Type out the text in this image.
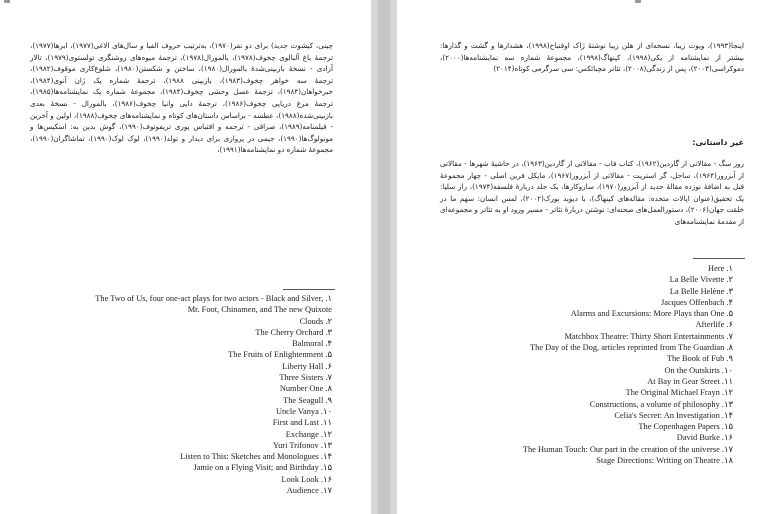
چینی، کیشوت جدید) برای دو نفر(۱۹۷۰)، به‌ترتیب حروف الفبا و سال‌های الاغی(۱۹۷۷)، ابرها(۱۹۷۷)، ترجمهٔ باغ آلبالوی چخوف(۱۹۷۸)، بالمورال(۱۹۷۸)، ترجمهٔ میوه‌های روشنگری تولستوی(۱۹۷۹)، تالار آزادی - نسخهٔ بازبینی‌شدهٔ بالمورال(۱۹۸۰)، ساختن و شکستن(۱۹۸۰)، شلوغ‌کاری موقوف(۱۹۸۲)، ترجمهٔ سه خواهر چخوف(۱۹۸۳)، بازبینی ۱۹۸۸)، ترجمهٔ شماره یک ژان آنوی(۱۹۸۴)، خبرخواهان(۱۹۸۴)، ترجمهٔ عسل وحشی چخوف(۱۹۸۴)، مجموعهٔ شماره یک نمایشنامه‌ها(۱۹۸۵)، ترجمهٔ مرغ دریایی چخوف(۱۹۸۶)، ترجمهٔ دایی وانیا چخوف(۱۹۸۶)، بالمورال - نسخهٔ بعدی بازبینی‌شده(۱۹۸۸)، عطسه - براساس داستان‌های کوتاه و نمایشنامه‌های چخوف(۱۹۸۸)، اولین و آخرین - فیلمنامه(۱۹۸۹)، صراقی - ترجمه و اقتباس یوری تریفونوف(۱۹۹۰)، گوش بدین به: اسکیس‌ها و مونولوگ‌ها(۱۹۹۰)، جیمی در پروازی برای دیدار و تولد(۱۹۹۰)، لوک لوک(۱۹۹۰)، تماشاگران(۱۹۹۰)، مجموعهٔ شماره دو نمایشنامه‌ها(۱۹۹۱)،

The Two of Us, four one-act plays for two actors - Black and Silver, .۱
Mr. Foot, Chinamen, and The new Quixote
Clouds .۲
The Cherry Orchard .۳
Balmoral .۴
The Fruits of Enlightenment .۵
Liberty Hall .۶
Three Sisters .۷
Number One .۸
The Seagull .۹
Uncle Vanya .۱۰
First and Last .۱۱
Exchange .۱۲
Yuri Trifonov .۱۳
Listen to This: Sketches and Monologues .۱۴
Jamie on a Flying Visit; and Birthday .۱۵
Look Look .۱۶
Audience .۱۷

اینجا(۱۹۹۳)، ویوت زیبا، نسخه‌ای از هلن زیبا نوشتهٔ ژاک اوفنباخ(۱۹۹۸)، هشدارها و گشت و گذارها: بیشتر از نمایشنامه از یکی(۱۹۹۸)، کپنهاگ(۱۹۹۸)، مجموعهٔ شماره سه نمایشنامه‌ها(۲۰۰۰)، دموکراسی(۲۰۰۳)، پس از زندگی(۲۰۰۸)، تئاتر مچبائکس: سی سرگرمی کوتاه(۲۰۱۴)

غیر داستانی:

روز سگ - مقالاتی از گاردین(۱۹۶۲)، کتاب فاب - مقالاتی از گاردین(۱۹۶۳)، در حاشیهٔ شهرها - مقالاتی از آبزرور(۱۹۶۴)، ساحل، گر استریت - مقالاتی از آبزرور(۱۹۶۷)، مایکل فرین اصلی - چهار مجموعهٔ قبل به اضافهٔ نوزده مقالهٔ جدید از آبزرور(۱۹۷۰)، سازوکارها، یک جلد دربارهٔ فلسفه(۱۹۷۴)، راز سلیا: یک تحقیق(عنوان ایالات متحده: مقاله‌های کپنهاگ)، با دیوید بورک(۲۰۰۲)، لمس انسان: سهم ما در خلقت جهان(۲۰۰۶)، دستورالعمل‌های صحنه‌ای: نوشتن دربارهٔ تئاتر - مسیر ورود او به تئاتر و مجموعه‌ای از مقدمهٔ نمایشنامه‌های

Here .۱
La Belle Vivette .۲
La Belle Helène .۳
Jacques Offenbach .۴
Alarms and Excursions: More Plays than One .۵
Afterlife .۶
Matchbox Theatre: Thirty Short Entertainments .۷
The Day of the Dog, articles reprinted from The Guardian .۸
The Book of Fub .۹
On the Outskirts .۱۰
At Bay in Gear Street .۱۱
The Original Michael Frayn .۱۲
Constructions, a volume of philosophy .۱۳
Celia's Secret: An Investigation .۱۴
The Copenhagen Papers .۱۵
David Burke .۱۶
The Human Touch: Our part in the creation of the universe .۱۷
Stage Directions: Writing on Theatre .۱۸
